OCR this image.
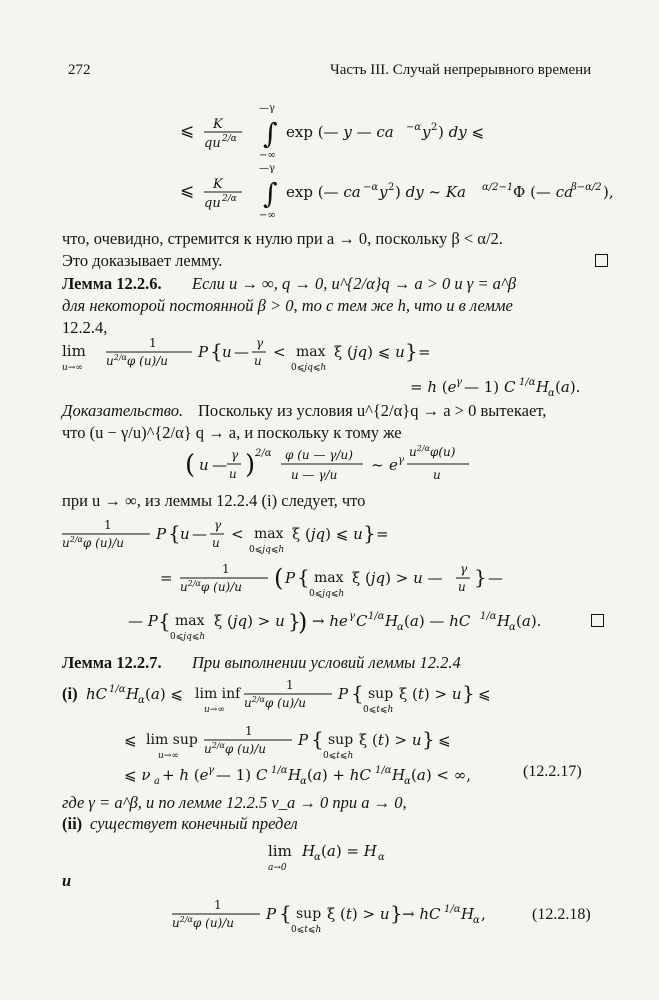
272	Часть III. Случай непрерывного времени
⩽ K
qu 2/α
—γ
∫
−∞
exp (— y — ca −α y 2 ) dy ⩽
⩽ K
qu 2/α
—γ
∫
−∞
exp (— ca −α y 2 ) dy ~ Ka α/2−1 Φ (— ca
β−α/2 ),
что, очевидно, стремится к нулю при a → 0, поскольку β < α/2.
Это доказывает лемму.
Лемма 12.2.6. Если u → ∞, q → 0, u^{2/α}q → a > 0 и γ = a^β
для некоторой постоянной β > 0, то с тем же h, что и в лемме
12.2.4,
lim
u→∞
1
$u^{2/\alpha}\varphi$ (u)/u P { u — γ
u < max
0⩽jq⩽h
ξ (jq) ⩽ u } =
= h (e γ — 1) C 1/α H
α (a).
Доказательство. Поскольку из условия u^{2/α}q → a > 0 вытекает,
что (u − γ/u)^{2/α} q → a, и поскольку к тому же
( u —
γ
u ) 2/α φ (u — γ/u)
u — γ/u
~ e γ
$u^{2/\alpha}\varphi(u)$
u
при u → ∞, из леммы 12.2.4 (i) следует, что
1
$u^{2/\alpha}\varphi$ (u)/u P { u — γ
u < max
0⩽jq⩽h
ξ (jq) ⩽ u } =
=	1
$u^{2/\alpha}\varphi$ (u)/u ( P { max
0⩽jq⩽h
ξ (jq) > u — γ
u } —
— P { max
0⩽jq⩽h
ξ (jq) > u }
) → he γ C 1/α H
α (a) — hC 1/α H
α (a).
Лемма 12.2.7. При выполнении условий леммы 12.2.4
(i) hC 1/α H
α (a) ⩽ lim inf
u→∞
1
$u^{2/\alpha}\varphi$ (u)/u P { sup
0⩽t⩽h
ξ (t) > u } ⩽
⩽ lim sup
u→∞
1
$u^{2/\alpha}\varphi$ (u)/u P { sup
0⩽t⩽h
ξ (t) > u } ⩽
⩽ ν a + h (e γ — 1) C 1/α H
α (a) + hC 1/α H
α (a) < ∞,	(12.2.17)
где γ = a^β, и по лемме 12.2.5 ν_a → 0 при a → 0,
(ii) существует конечный предел
lim
a→0
H
α (a) = H α
и
1
$u^{2/\alpha}\varphi$ (u)/u P { sup
0⩽t⩽h
ξ (t) > u } → hC 1/α H
α ,	(12.2.18)
